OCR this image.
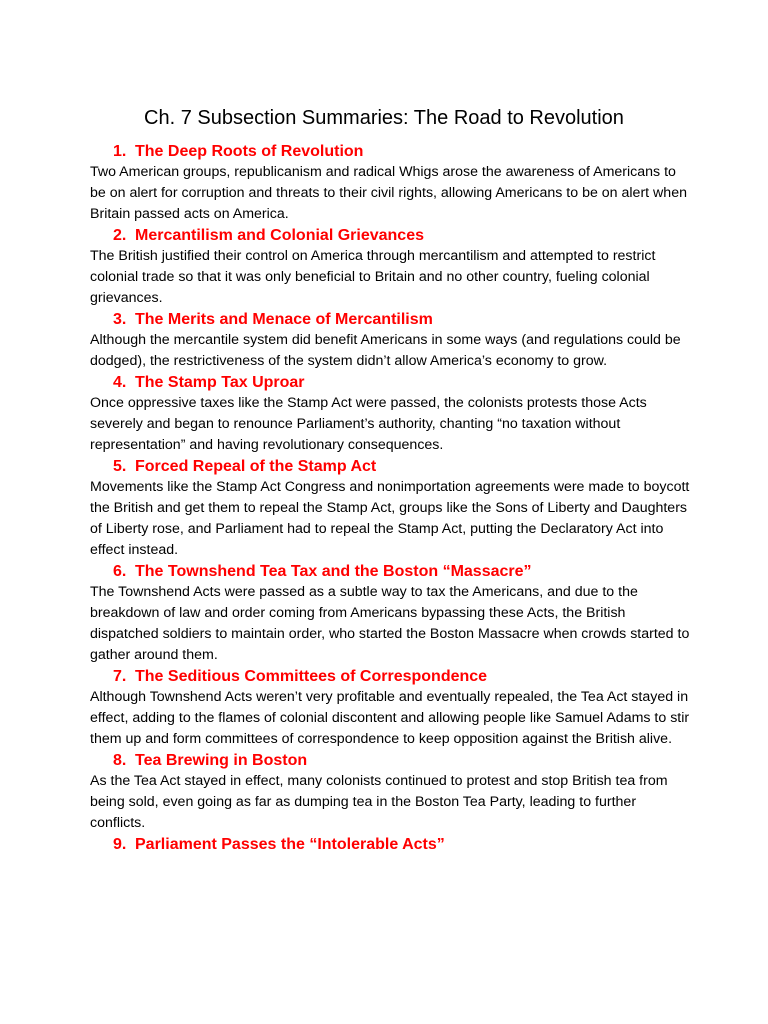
Ch. 7 Subsection Summaries: The Road to Revolution
1. The Deep Roots of Revolution

Two American groups, republicanism and radical Whigs arose the awareness of Americans to be on alert for corruption and threats to their civil rights, allowing Americans to be on alert when Britain passed acts on America.

2. Mercantilism and Colonial Grievances

The British justified their control on America through mercantilism and attempted to restrict colonial trade so that it was only beneficial to Britain and no other country, fueling colonial grievances.

3. The Merits and Menace of Mercantilism

Although the mercantile system did benefit Americans in some ways (and regulations could be dodged), the restrictiveness of the system didn’t allow America’s economy to grow.

4. The Stamp Tax Uproar

Once oppressive taxes like the Stamp Act were passed, the colonists protests those Acts severely and began to renounce Parliament’s authority, chanting “no taxation without representation” and having revolutionary consequences.

5. Forced Repeal of the Stamp Act

Movements like the Stamp Act Congress and nonimportation agreements were made to boycott the British and get them to repeal the Stamp Act, groups like the Sons of Liberty and Daughters of Liberty rose, and Parliament had to repeal the Stamp Act, putting the Declaratory Act into effect instead.

6. The Townshend Tea Tax and the Boston “Massacre”

The Townshend Acts were passed as a subtle way to tax the Americans, and due to the breakdown of law and order coming from Americans bypassing these Acts, the British dispatched soldiers to maintain order, who started the Boston Massacre when crowds started to gather around them.

7. The Seditious Committees of Correspondence

Although Townshend Acts weren’t very profitable and eventually repealed, the Tea Act stayed in effect, adding to the flames of colonial discontent and allowing people like Samuel Adams to stir them up and form committees of correspondence to keep opposition against the British alive.

8. Tea Brewing in Boston

As the Tea Act stayed in effect, many colonists continued to protest and stop British tea from being sold, even going as far as dumping tea in the Boston Tea Party, leading to further conflicts.

9. Parliament Passes the “Intolerable Acts”
